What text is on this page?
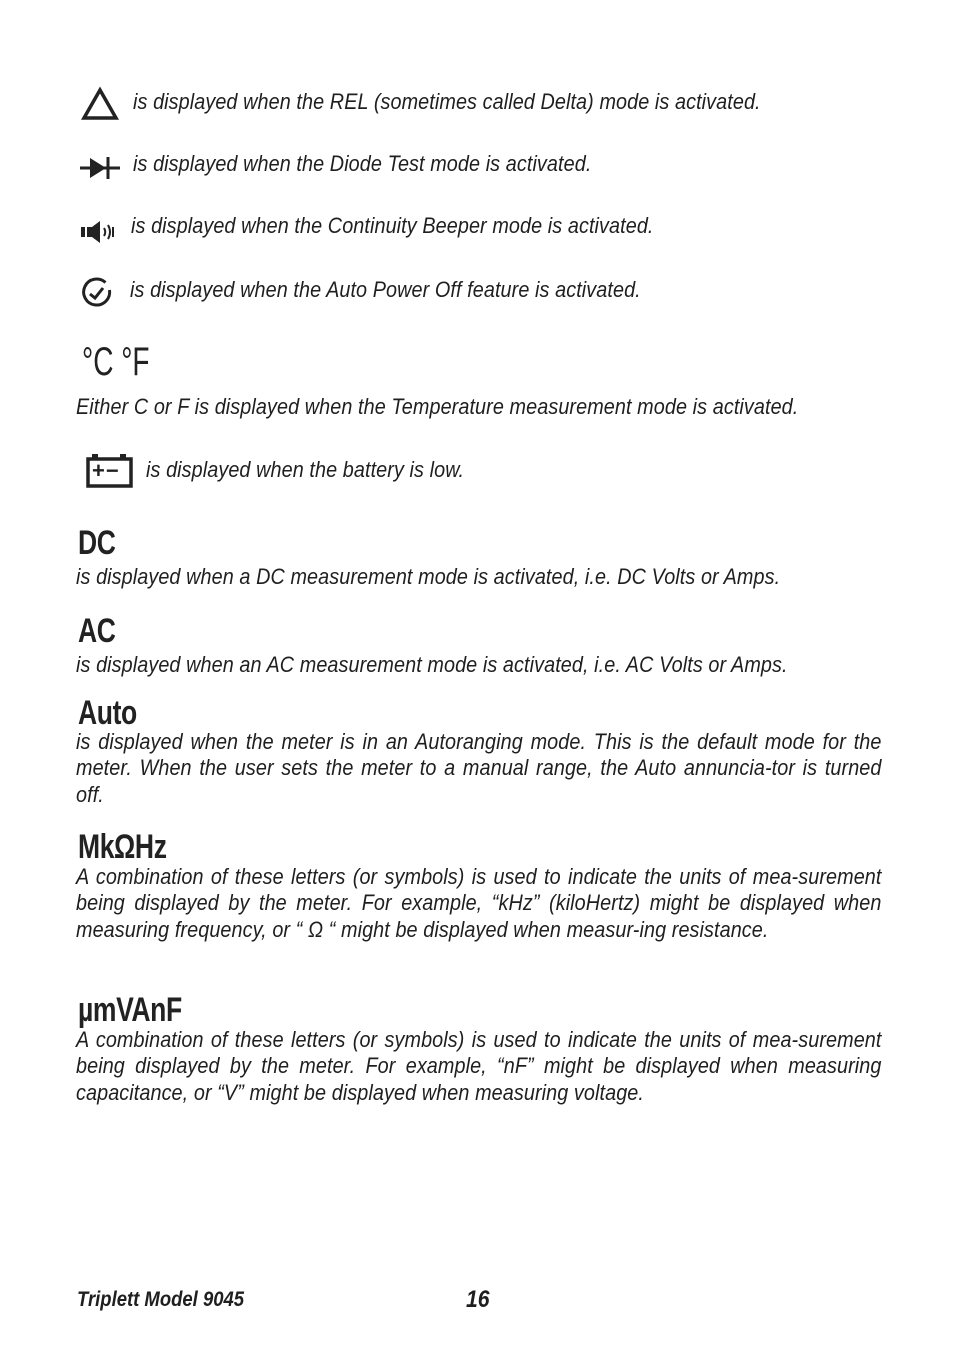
is displayed when the REL (sometimes called Delta) mode is activated.
is displayed when the Diode Test mode is activated.
is displayed when the Continuity Beeper mode is activated.
is displayed when the Auto Power Off feature is activated.
°C °F
Either C or F is displayed when the Temperature measurement mode is activated.
+− is displayed when the battery is low.
DC
is displayed when a DC measurement mode is activated, i.e. DC Volts or Amps.
AC
is displayed when an AC measurement mode is activated, i.e. AC Volts or Amps.
Auto
is displayed when the meter is in an Autoranging mode. This is the default mode for the meter. When the user sets the meter to a manual range, the Auto annuncia-tor is turned off.
MkΩHz
A combination of these letters (or symbols) is used to indicate the units of mea-surement being displayed by the meter. For example, “kHz” (kiloHertz) might be displayed when measuring frequency, or “ Ω “ might be displayed when measur-ing resistance.
µmVAnF
A combination of these letters (or symbols) is used to indicate the units of mea-surement being displayed by the meter. For example, “nF” might be displayed when measuring capacitance, or “V” might be displayed when measuring voltage.
Triplett Model 9045	16
